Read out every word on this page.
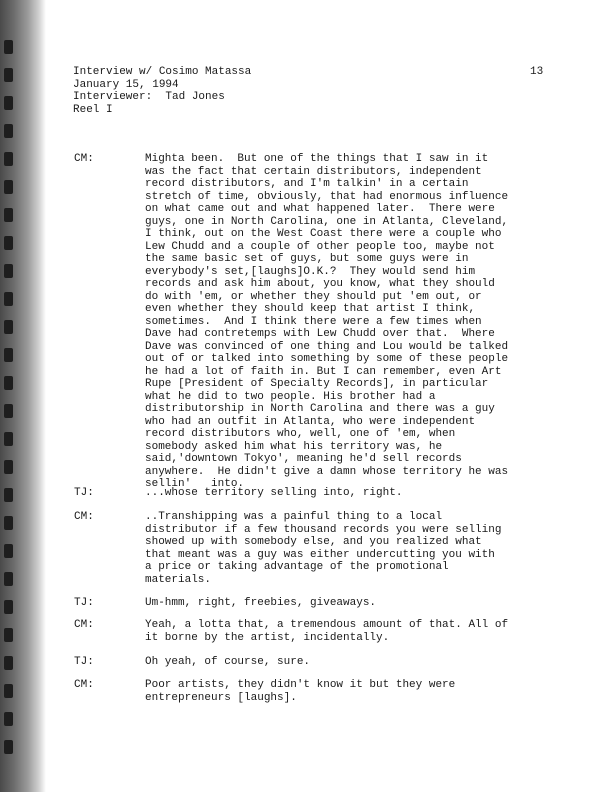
Interview w/ Cosimo Matassa
January 15, 1994
Interviewer:  Tad Jones
Reel I
13
CM:	Mighta been.  But one of the things that I saw in it
was the fact that certain distributors, independent
record distributors, and I'm talkin' in a certain
stretch of time, obviously, that had enormous influence
on what came out and what happened later.  There were
guys, one in North Carolina, one in Atlanta, Cleveland,
I think, out on the West Coast there were a couple who
Lew Chudd and a couple of other people too, maybe not
the same basic set of guys, but some guys were in
everybody's set,[laughs]O.K.?  They would send him
records and ask him about, you know, what they should
do with 'em, or whether they should put 'em out, or
even whether they should keep that artist I think,
sometimes.  And I think there were a few times when
Dave had contretemps with Lew Chudd over that.  Where
Dave was convinced of one thing and Lou would be talked
out of or talked into something by some of these people
he had a lot of faith in. But I can remember, even Art
Rupe [President of Specialty Records], in particular
what he did to two people. His brother had a
distributorship in North Carolina and there was a guy
who had an outfit in Atlanta, who were independent
record distributors who, well, one of 'em, when
somebody asked him what his territory was, he
said,'downtown Tokyo', meaning he'd sell records
anywhere.  He didn't give a damn whose territory he was
sellin'   into.
TJ:	...whose territory selling into, right.
CM:	..Transhipping was a painful thing to a local
distributor if a few thousand records you were selling
showed up with somebody else, and you realized what
that meant was a guy was either undercutting you with
a price or taking advantage of the promotional
materials.
TJ:	Um-hmm, right, freebies, giveaways.
CM:	Yeah, a lotta that, a tremendous amount of that. All of
it borne by the artist, incidentally.
TJ:	Oh yeah, of course, sure.
CM:	Poor artists, they didn't know it but they were
entrepreneurs [laughs].
